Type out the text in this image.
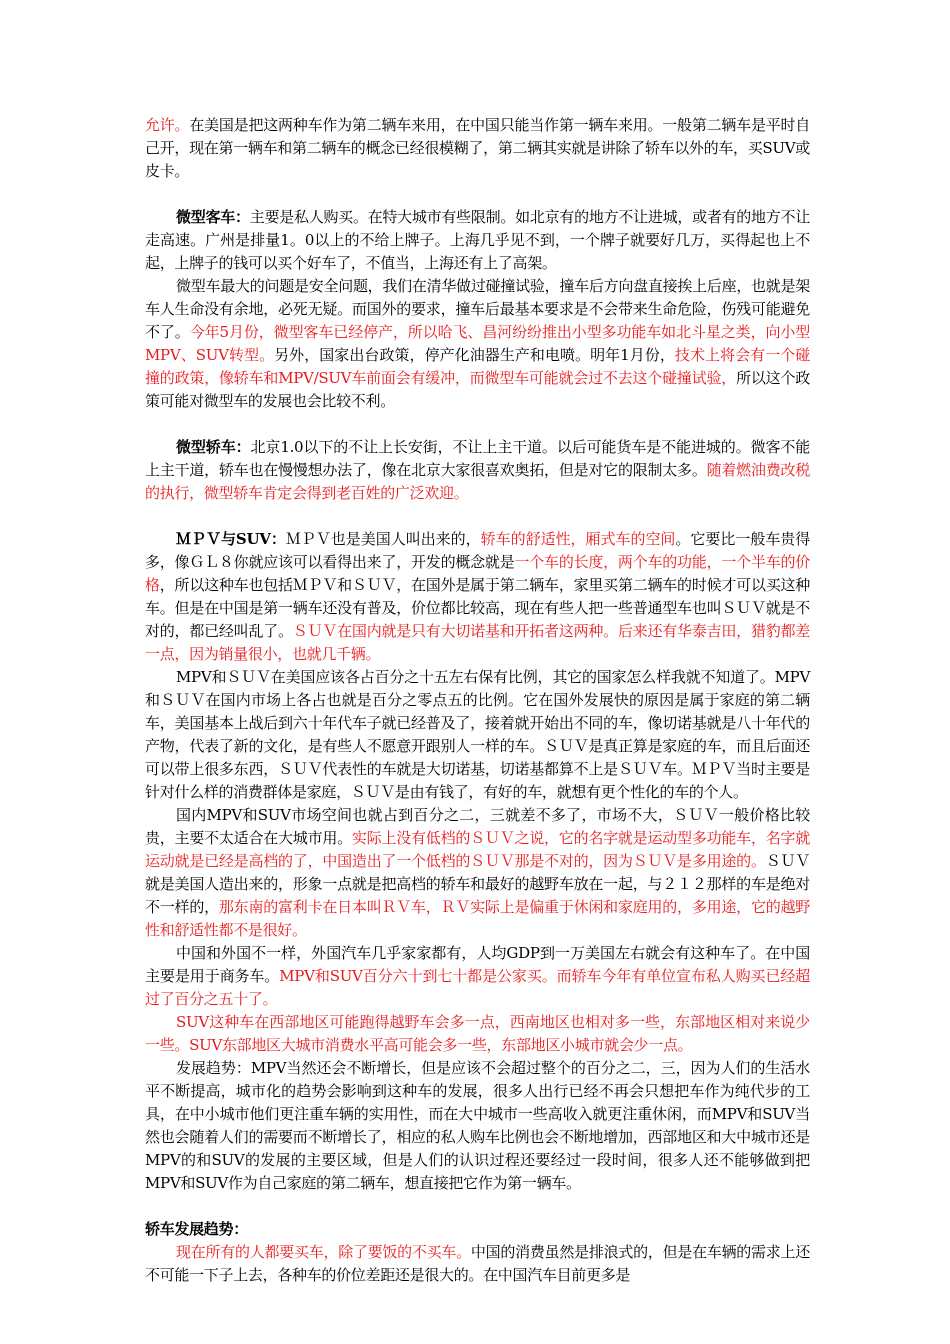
允许。在美国是把这两种车作为第二辆车来用，在中国只能当作第一辆车来用。一般第二辆车是平时自己开，现在第一辆车和第二辆车的概念已经很模糊了，第二辆其实就是讲除了轿车以外的车，买SUV或皮卡。

微型客车：主要是私人购买。在特大城市有些限制。如北京有的地方不让进城，或者有的地方不让走高速。广州是排量1。0以上的不给上牌子。上海几乎见不到，一个牌子就要好几万，买得起也上不起，上牌子的钱可以买个好车了，不值当，上海还有上了高架。

微型车最大的问题是安全问题，我们在清华做过碰撞试验，撞车后方向盘直接挨上后座，也就是架车人生命没有余地，必死无疑。而国外的要求，撞车后最基本要求是不会带来生命危险，伤残可能避免不了。今年5月份，微型客车已经停产，所以哈飞、昌河纷纷推出小型多功能车如北斗星之类，向小型MPV、SUV转型。另外，国家出台政策，停产化油器生产和电喷。明年1月份，技术上将会有一个碰撞的政策，像轿车和MPV/SUV车前面会有缓冲，而微型车可能就会过不去这个碰撞试验，所以这个政策可能对微型车的发展也会比较不利。

微型轿车：北京1.0以下的不让上长安街，不让上主干道。以后可能货车是不能进城的。微客不能上主干道，轿车也在慢慢想办法了，像在北京大家很喜欢奥拓，但是对它的限制太多。随着燃油费改税的执行，微型轿车肯定会得到老百姓的广泛欢迎。

ＭＰＶ与SUV：ＭＰＶ也是美国人叫出来的，轿车的舒适性，厢式车的空间。它要比一般车贵得多，像ＧＬ８你就应该可以看得出来了，开发的概念就是一个车的长度，两个车的功能，一个半车的价格，所以这种车也包括ＭＰＶ和ＳＵＶ，在国外是属于第二辆车，家里买第二辆车的时候才可以买这种车。但是在中国是第一辆车还没有普及，价位都比较高，现在有些人把一些普通型车也叫ＳＵＶ就是不对的，都已经叫乱了。ＳＵＶ在国内就是只有大切诺基和开拓者这两种。后来还有华泰吉田，猎豹都差一点，因为销量很小，也就几千辆。

MPV和ＳＵＶ在美国应该各占百分之十五左右保有比例，其它的国家怎么样我就不知道了。MPV和ＳＵＶ在国内市场上各占也就是百分之零点五的比例。它在国外发展快的原因是属于家庭的第二辆车，美国基本上战后到六十年代车子就已经普及了，接着就开始出不同的车，像切诺基就是八十年代的产物，代表了新的文化，是有些人不愿意开跟别人一样的车。ＳＵＶ是真正算是家庭的车，而且后面还可以带上很多东西，ＳＵＶ代表性的车就是大切诺基，切诺基都算不上是ＳＵＶ车。ＭＰＶ当时主要是针对什么样的消费群体是家庭，ＳＵＶ是由有钱了，有好的车，就想有更个性化的车的个人。

国内MPV和SUV市场空间也就占到百分之二，三就差不多了，市场不大，ＳＵＶ一般价格比较贵，主要不太适合在大城市用。实际上没有低档的ＳＵＶ之说，它的名字就是运动型多功能车，名字就运动就是已经是高档的了，中国造出了一个低档的ＳＵＶ那是不对的，因为ＳＵＶ是多用途的。ＳＵＶ就是美国人造出来的，形象一点就是把高档的轿车和最好的越野车放在一起，与２１２那样的车是绝对不一样的，那东南的富利卡在日本叫ＲＶ车，ＲＶ实际上是偏重于休闲和家庭用的，多用途，它的越野性和舒适性都不是很好。

中国和外国不一样，外国汽车几乎家家都有，人均GDP到一万美国左右就会有这种车了。在中国主要是用于商务车。MPV和SUV百分六十到七十都是公家买。而轿车今年有单位宣布私人购买已经超过了百分之五十了。

SUV这种车在西部地区可能跑得越野车会多一点，西南地区也相对多一些，东部地区相对来说少一些。SUV东部地区大城市消费水平高可能会多一些，东部地区小城市就会少一点。

发展趋势：MPV当然还会不断增长，但是应该不会超过整个的百分之二，三，因为人们的生活水平不断提高，城市化的趋势会影响到这种车的发展，很多人出行已经不再会只想把车作为纯代步的工具，在中小城市他们更注重车辆的实用性，而在大中城市一些高收入就更注重休闲，而MPV和SUV当然也会随着人们的需要而不断增长了，相应的私人购车比例也会不断地增加，西部地区和大中城市还是MPV的和SUV的发展的主要区域，但是人们的认识过程还要经过一段时间，很多人还不能够做到把MPV和SUV作为自己家庭的第二辆车，想直接把它作为第一辆车。

轿车发展趋势：

现在所有的人都要买车，除了要饭的不买车。中国的消费虽然是排浪式的，但是在车辆的需求上还不可能一下子上去，各种车的价位差距还是很大的。在中国汽车目前更多是
